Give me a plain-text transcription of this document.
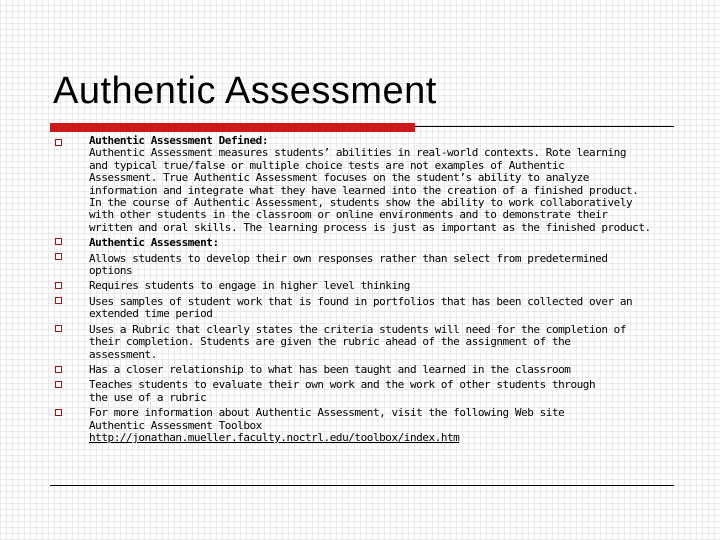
Authentic Assessment

Authentic Assessment Defined:

Authentic Assessment measures students’ abilities in real-world contexts. Rote learning

and typical true/false or multiple choice tests are not examples of Authentic

Assessment. True Authentic Assessment focuses on the student’s ability to analyze

information and integrate what they have learned into the creation of a finished product.

In the course of Authentic Assessment, students show the ability to work collaboratively

with other students in the classroom or online environments and to demonstrate their

written and oral skills. The learning process is just as important as the finished product.

Authentic Assessment:

Allows students to develop their own responses rather than select from predetermined

options

Requires students to engage in higher level thinking

Uses samples of student work that is found in portfolios that has been collected over an

extended time period

Uses a Rubric that clearly states the criteria students will need for the completion of

their completion. Students are given the rubric ahead of the assignment of the

assessment.

Has a closer relationship to what has been taught and learned in the classroom

Teaches students to evaluate their own work and the work of other students through

the use of a rubric

For more information about Authentic Assessment, visit the following Web site

Authentic Assessment Toolbox

http://jonathan.mueller.faculty.noctrl.edu/toolbox/index.htm
